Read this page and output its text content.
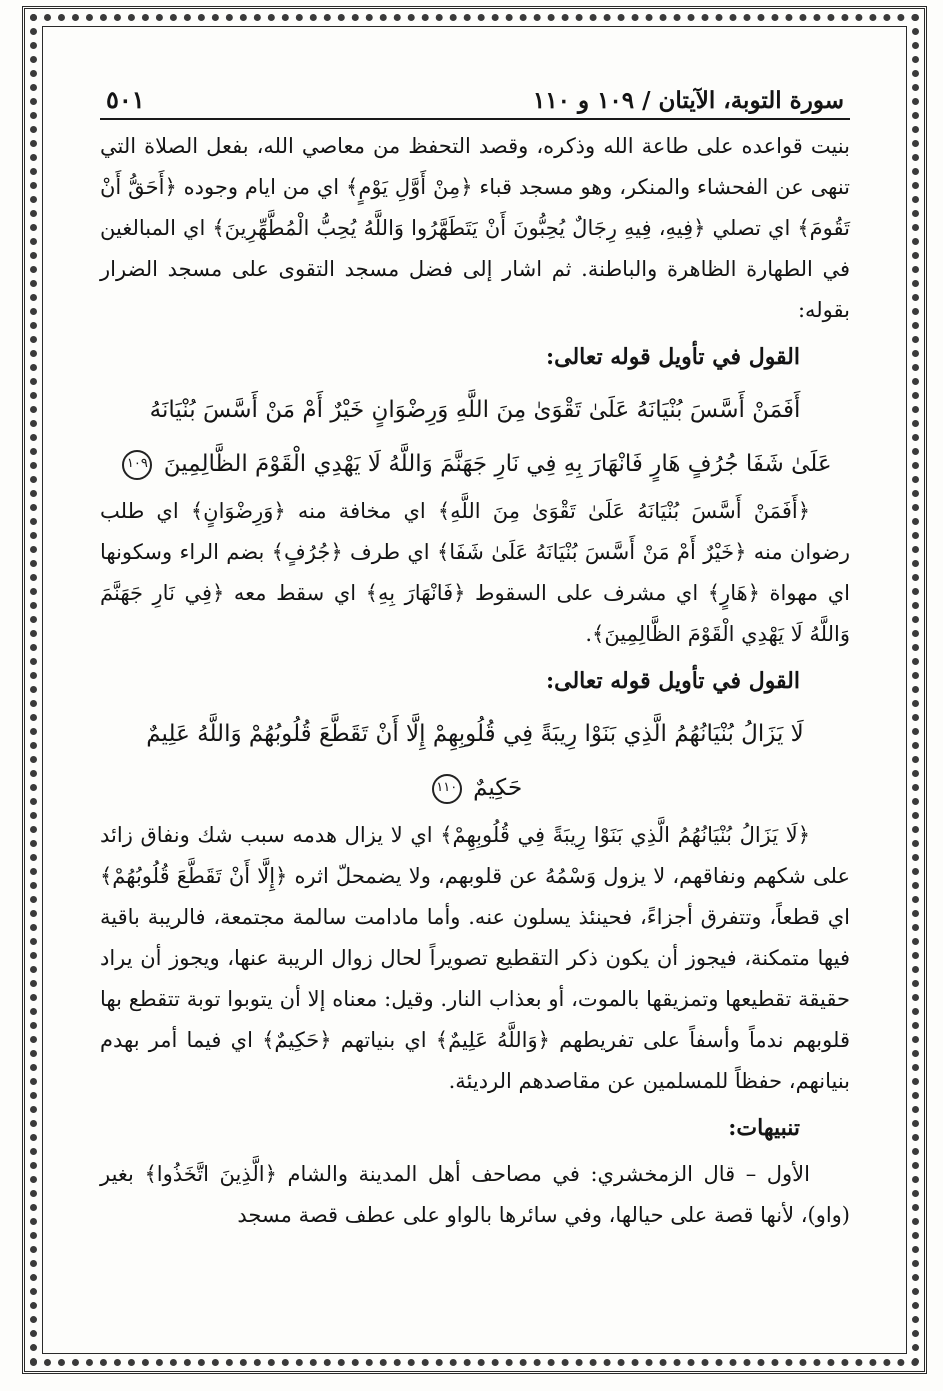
سورة التوبة، الآيتان / ١٠٩ و ١١٠
٥٠١

بنيت قواعده على طاعة الله وذكره، وقصد التحفظ من معاصي الله، بفعل الصلاة التي تنهى عن الفحشاء والمنكر، وهو مسجد قباء ﴿مِنْ أَوَّلِ يَوْمٍ﴾ اي من ايام وجوده ﴿أَحَقُّ أَنْ تَقُومَ﴾ اي تصلي ﴿فِيهِ، فِيهِ رِجَالٌ يُحِبُّونَ أَنْ يَتَطَهَّرُوا وَاللَّهُ يُحِبُّ الْمُطَّهِّرِينَ﴾ اي المبالغين في الطهارة الظاهرة والباطنة. ثم اشار إلى فضل مسجد التقوى على مسجد الضرار بقوله:

القول في تأويل قوله تعالى:

أَفَمَنْ أَسَّسَ بُنْيَانَهُ عَلَىٰ تَقْوَىٰ مِنَ اللَّهِ وَرِضْوَانٍ خَيْرٌ أَمْ مَنْ أَسَّسَ بُنْيَانَهُ

عَلَىٰ شَفَا جُرُفٍ هَارٍ فَانْهَارَ بِهِ فِي نَارِ جَهَنَّمَ وَاللَّهُ لَا يَهْدِي الْقَوْمَ الظَّالِمِينَ ١٠٩

﴿أَفَمَنْ أَسَّسَ بُنْيَانَهُ عَلَىٰ تَقْوَىٰ مِنَ اللَّهِ﴾ اي مخافة منه ﴿وَرِضْوَانٍ﴾ اي طلب رضوان منه ﴿خَيْرٌ أَمْ مَنْ أَسَّسَ بُنْيَانَهُ عَلَىٰ شَفَا﴾ اي طرف ﴿جُرُفٍ﴾ بضم الراء وسكونها اي مهواة ﴿هَارٍ﴾ اي مشرف على السقوط ﴿فَانْهَارَ بِهِ﴾ اي سقط معه ﴿فِي نَارِ جَهَنَّمَ وَاللَّهُ لَا يَهْدِي الْقَوْمَ الظَّالِمِينَ﴾.

القول في تأويل قوله تعالى:

لَا يَزَالُ بُنْيَانُهُمُ الَّذِي بَنَوْا رِيبَةً فِي قُلُوبِهِمْ إِلَّا أَنْ تَقَطَّعَ قُلُوبُهُمْ وَاللَّهُ عَلِيمٌ

حَكِيمٌ ١١٠

﴿لَا يَزَالُ بُنْيَانُهُمُ الَّذِي بَنَوْا رِيبَةً فِي قُلُوبِهِمْ﴾ اي لا يزال هدمه سبب شك ونفاق زائد على شكهم ونفاقهم، لا يزول وَسْمُهُ عن قلوبهم، ولا يضمحلّ اثره ﴿إِلَّا أَنْ تَقَطَّعَ قُلُوبُهُمْ﴾ اي قطعاً، وتتفرق أجزاءً، فحينئذ يسلون عنه. وأما مادامت سالمة مجتمعة، فالريبة باقية فيها متمكنة، فيجوز أن يكون ذكر التقطيع تصويراً لحال زوال الريبة عنها، ويجوز أن يراد حقيقة تقطيعها وتمزيقها بالموت، أو بعذاب النار. وقيل: معناه إلا أن يتوبوا توبة تتقطع بها قلوبهم ندماً وأسفاً على تفريطهم ﴿وَاللَّهُ عَلِيمٌ﴾ اي بنياتهم ﴿حَكِيمٌ﴾ اي فيما أمر بهدم بنيانهم، حفظاً للمسلمين عن مقاصدهم الرديئة.

تنبيهات:

الأول – قال الزمخشري: في مصاحف أهل المدينة والشام ﴿الَّذِينَ اتَّخَذُوا﴾ بغير (واو)، لأنها قصة على حيالها، وفي سائرها بالواو على عطف قصة مسجد
